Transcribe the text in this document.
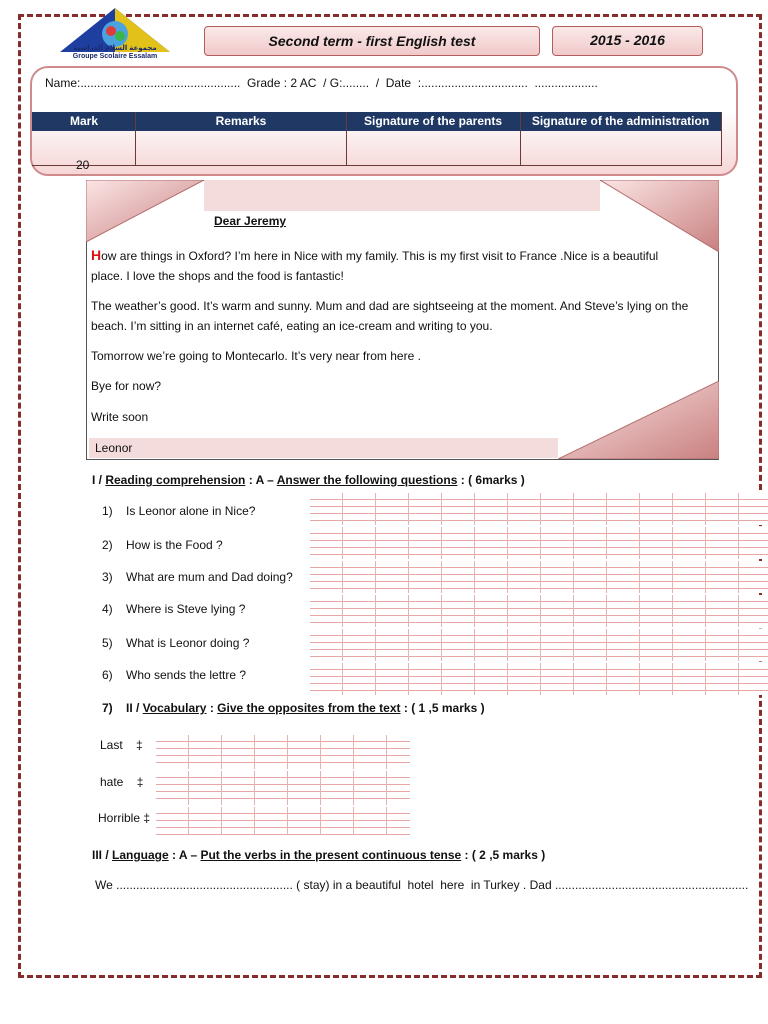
مجموعة السلام الدراسية
Groupe Scolaire Essalam
Second term - first English test	2015 - 2016
Name:................................................  Grade : 2 AC  / G:........  /  Date  :................................  ...................
Mark	Remarks	Signature of the parents	Signature of the administration
20
Dear Jeremy
How are things in Oxford? I’m here in Nice with my family. This is my first visit to France .Nice is a beautiful place. I love the shops and the food is fantastic!
The weather’s good. It’s warm and sunny. Mum and dad are sightseeing at the moment. And Steve’s lying on the beach. I’m sitting in an internet café, eating an ice-cream and writing to you.
Tomorrow we’re going to Montecarlo. It’s very near from here .
Bye for now?
Write soon
Leonor
I / Reading comprehension : A – Answer the following questions : ( 6marks )
1) Is Leonor alone in Nice?
2) How is the Food ?
3) What are mum and Dad doing?
4) Where is Steve lying ?
5) What is Leonor doing ?
6) Who sends the lettre ?
7) II / Vocabulary : Give the opposites from the text : ( 1 ,5 marks )
Last    ‡
hate    ‡
Horrible ‡
III / Language : A – Put the verbs in the present continuous tense : ( 2 ,5 marks )
We ..................................................... ( stay) in a beautiful  hotel  here  in Turkey . Dad ..........................................................
